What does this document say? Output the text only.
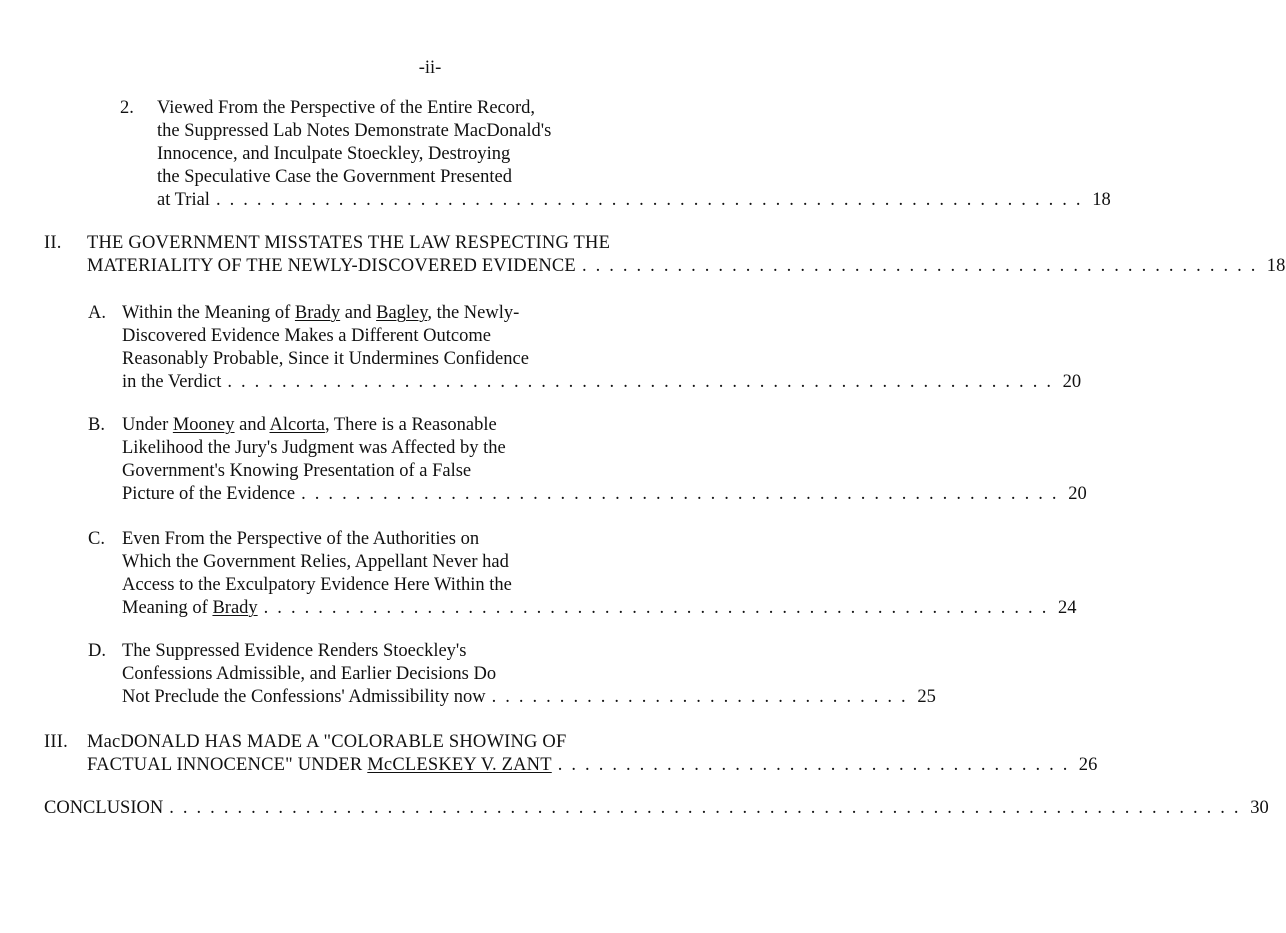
-ii-
2. Viewed From the Perspective of the Entire Record,
the Suppressed Lab Notes Demonstrate MacDonald's
Innocence, and Inculpate Stoeckley, Destroying
the Speculative Case the Government Presented
at Trial . . . . . . . . . . . . . . . . . . . . . . . . . . . . . . . . . . . . . . . . . . . . . . . . . . . . . . . . . . . . . . . . 18
II. THE GOVERNMENT MISSTATES THE LAW RESPECTING THE
MATERIALITY OF THE NEWLY-DISCOVERED EVIDENCE . . . . . . . . . . . . . . . . . . . . . . . . . . . . . . . . . . . . . . . . . . . . . . . . . . 18
A. Within the Meaning of Brady and Bagley, the Newly-
Discovered Evidence Makes a Different Outcome
Reasonably Probable, Since it Undermines Confidence
in the Verdict . . . . . . . . . . . . . . . . . . . . . . . . . . . . . . . . . . . . . . . . . . . . . . . . . . . . . . . . . . . . . 20
B. Under Mooney and Alcorta, There is a Reasonable
Likelihood the Jury's Judgment was Affected by the
Government's Knowing Presentation of a False
Picture of the Evidence . . . . . . . . . . . . . . . . . . . . . . . . . . . . . . . . . . . . . . . . . . . . . . . . . . . . . . . . 20
C. Even From the Perspective of the Authorities on
Which the Government Relies, Appellant Never had
Access to the Exculpatory Evidence Here Within the
Meaning of Brady . . . . . . . . . . . . . . . . . . . . . . . . . . . . . . . . . . . . . . . . . . . . . . . . . . . . . . . . . . 24
D. The Suppressed Evidence Renders Stoeckley's
Confessions Admissible, and Earlier Decisions Do
Not Preclude the Confessions' Admissibility now . . . . . . . . . . . . . . . . . . . . . . . . . . . . . . . 25
III. MacDONALD HAS MADE A "COLORABLE SHOWING OF
FACTUAL INNOCENCE" UNDER McCLESKEY V. ZANT . . . . . . . . . . . . . . . . . . . . . . . . . . . . . . . . . . . . . . 26
CONCLUSION . . . . . . . . . . . . . . . . . . . . . . . . . . . . . . . . . . . . . . . . . . . . . . . . . . . . . . . . . . . . . . . . . . . . . . . . . . . . . . . 30
